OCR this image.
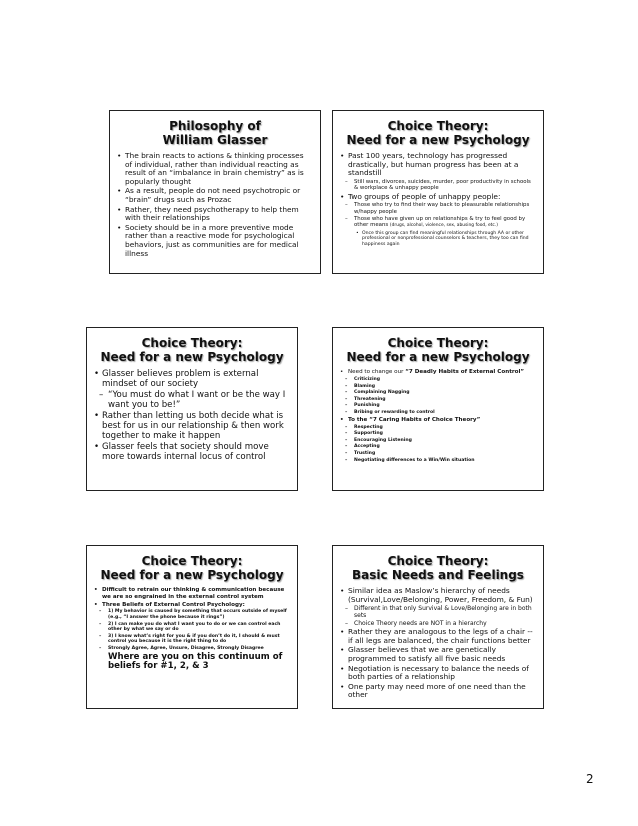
Philosophy of
William Glasser
• The brain reacts to actions & thinking processes of individual, rather than individual reacting as result of an “imbalance in brain chemistry” as is popularly thought
• As a result, people do not need psychotropic or “brain” drugs such as Prozac
• Rather, they need psychotherapy to help them with their relationships
• Society should be in a more preventive mode rather than a reactive mode for psychological behaviors, just as communities are for medical illness
Choice Theory:
Need for a new Psychology
• Past 100 years, technology has progressed drastically, but human progress has been at a standstill
– Still wars, divorces, suicides, murder, poor productivity in schools & workplace & unhappy people
• Two groups of people of unhappy people:
– Those who try to find their way back to pleasurable relationships w/happy people
– Those who have given up on relationships & try to feel good by other means (drugs, alcohol, violence, sex, abusing food, etc.)
• Once this group can find meaningful relationships through AA or other professional or nonprofessional counselors & teachers, they too can find happiness again
Choice Theory:
Need for a new Psychology
• Glasser believes problem is external mindset of our society
– “You must do what I want or be the way I want you to be!”
• Rather than letting us both decide what is best for us in our relationship & then work together to make it happen
• Glasser feels that society should move more towards internal locus of control
Choice Theory:
Need for a new Psychology
• Need to change our “7 Deadly Habits of External Control”
– Criticizing
– Blaming
– Complaining Nagging
– Threatening
– Punishing
– Bribing or rewarding to control
• To the “7 Caring Habits of Choice Theory”
– Respecting
– Supporting
– Encouraging Listening
– Accepting
– Trusting
– Negotiating differences to a Win/Win situation
Choice Theory:
Need for a new Psychology
• Difficult to retrain our thinking & communication because we are so engrained in the external control system
• Three Beliefs of External Control Psychology:
– 1) My behavior is caused by something that occurs outside of myself (e.g., “I answer the phone because it rings”)
– 2) I can make you do what I want you to do or we can control each other by what we say or do
– 3) I know what’s right for you & if you don’t do it, I should & must control you because it is the right thing to do
– Strongly Agree, Agree, Unsure, Disagree, Strongly Disagree
Where are you on this continuum of beliefs for #1, 2, & 3
Choice Theory:
Basic Needs and Feelings
• Similar idea as Maslow’s hierarchy of needs (Survival,Love/Belonging, Power, Freedom, & Fun)
– Different in that only Survival & Love/Belonging are in both sets
– Choice Theory needs are NOT in a hierarchy
• Rather they are analogous to the legs of a chair -- if all legs are balanced, the chair functions better
• Glasser believes that we are genetically programmed to satisfy all five basic needs
• Negotiation is necessary to balance the needs of both parties of a relationship
• One party may need more of one need than the other
2
